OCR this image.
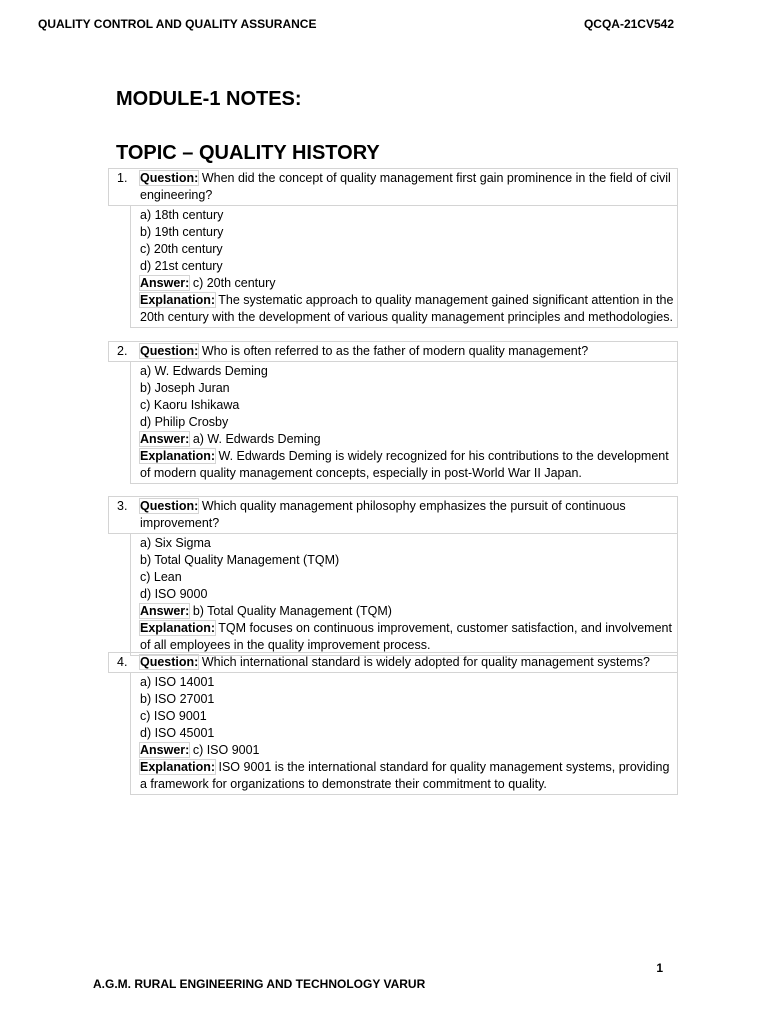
QUALITY CONTROL AND QUALITY ASSURANCE	QCQA-21CV542
MODULE-1 NOTES:
TOPIC – QUALITY HISTORY
1. Question: When did the concept of quality management first gain prominence in the field of civil engineering?
a) 18th century
b) 19th century
c) 20th century
d) 21st century
Answer: c) 20th century
Explanation: The systematic approach to quality management gained significant attention in the 20th century with the development of various quality management principles and methodologies.
2. Question: Who is often referred to as the father of modern quality management?
a) W. Edwards Deming
b) Joseph Juran
c) Kaoru Ishikawa
d) Philip Crosby
Answer: a) W. Edwards Deming
Explanation: W. Edwards Deming is widely recognized for his contributions to the development of modern quality management concepts, especially in post-World War II Japan.
3. Question: Which quality management philosophy emphasizes the pursuit of continuous improvement?
a) Six Sigma
b) Total Quality Management (TQM)
c) Lean
d) ISO 9000
Answer: b) Total Quality Management (TQM)
Explanation: TQM focuses on continuous improvement, customer satisfaction, and involvement of all employees in the quality improvement process.
4. Question: Which international standard is widely adopted for quality management systems?
a) ISO 14001
b) ISO 27001
c) ISO 9001
d) ISO 45001
Answer: c) ISO 9001
Explanation: ISO 9001 is the international standard for quality management systems, providing a framework for organizations to demonstrate their commitment to quality.
1
A.G.M. RURAL ENGINEERING AND TECHNOLOGY VARUR
